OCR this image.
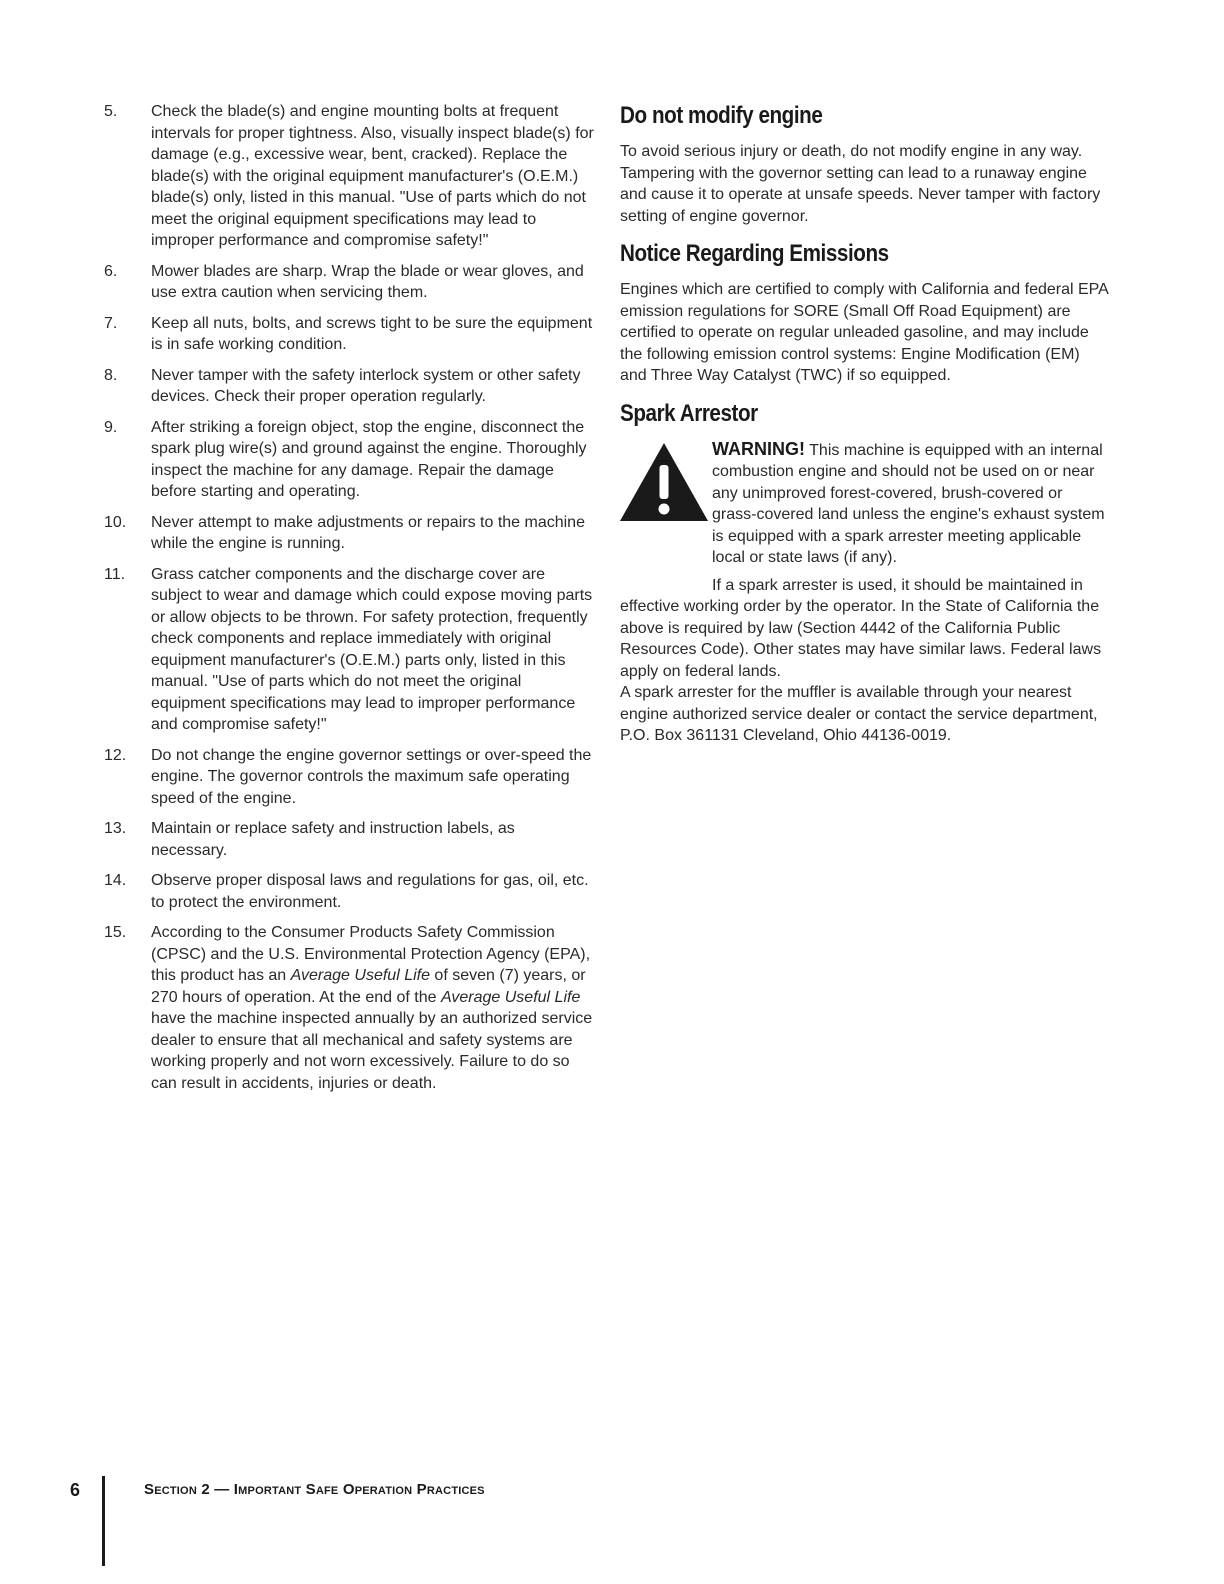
5.	Check the blade(s) and engine mounting bolts at frequent intervals for proper tightness. Also, visually inspect blade(s) for damage (e.g., excessive wear, bent, cracked). Replace the blade(s) with the original equipment manufacturer's (O.E.M.) blade(s) only, listed in this manual. "Use of parts which do not meet the original equipment specifications may lead to improper performance and compromise safety!"
6.	Mower blades are sharp. Wrap the blade or wear gloves, and use extra caution when servicing them.
7.	Keep all nuts, bolts, and screws tight to be sure the equipment is in safe working condition.
8.	Never tamper with the safety interlock system or other safety devices. Check their proper operation regularly.
9.	After striking a foreign object, stop the engine, disconnect the spark plug wire(s) and ground against the engine. Thoroughly inspect the machine for any damage. Repair the damage before starting and operating.
10.	Never attempt to make adjustments or repairs to the machine while the engine is running.
11.	Grass catcher components and the discharge cover are subject to wear and damage which could expose moving parts or allow objects to be thrown. For safety protection, frequently check components and replace immediately with original equipment manufacturer's (O.E.M.) parts only, listed in this manual. "Use of parts which do not meet the original equipment specifications may lead to improper performance and compromise safety!"
12.	Do not change the engine governor settings or over-speed the engine. The governor controls the maximum safe operating speed of the engine.
13.	Maintain or replace safety and instruction labels, as necessary.
14.	Observe proper disposal laws and regulations for gas, oil, etc. to protect the environment.
15.	According to the Consumer Products Safety Commission (CPSC) and the U.S. Environmental Protection Agency (EPA), this product has an Average Useful Life of seven (7) years, or 270 hours of operation. At the end of the Average Useful Life have the machine inspected annually by an authorized service dealer to ensure that all mechanical and safety systems are working properly and not worn excessively. Failure to do so can result in accidents, injuries or death.
Do not modify engine

To avoid serious injury or death, do not modify engine in any way. Tampering with the governor setting can lead to a runaway engine and cause it to operate at unsafe speeds. Never tamper with factory setting of engine governor.

Notice Regarding Emissions

Engines which are certified to comply with California and federal EPA emission regulations for SORE (Small Off Road Equipment) are certified to operate on regular unleaded gasoline, and may include the following emission control systems: Engine Modification (EM) and Three Way Catalyst (TWC) if so equipped.

Spark Arrestor
WARNING! This machine is equipped with an internal combustion engine and should not be used on or near any unimproved forest-covered, brush-covered or grass-covered land unless the engine's exhaust system is equipped with a spark arrester meeting applicable local or state laws (if any).
If a spark arrester is used, it should be maintained in effective working order by the operator. In the State of California the above is required by law (Section 4442 of the California Public Resources Code). Other states may have similar laws. Federal laws apply on federal lands.
A spark arrester for the muffler is available through your nearest engine authorized service dealer or contact the service department, P.O. Box 361131 Cleveland, Ohio 44136-0019.
6	Section 2 — Important Safe Operation Practices
